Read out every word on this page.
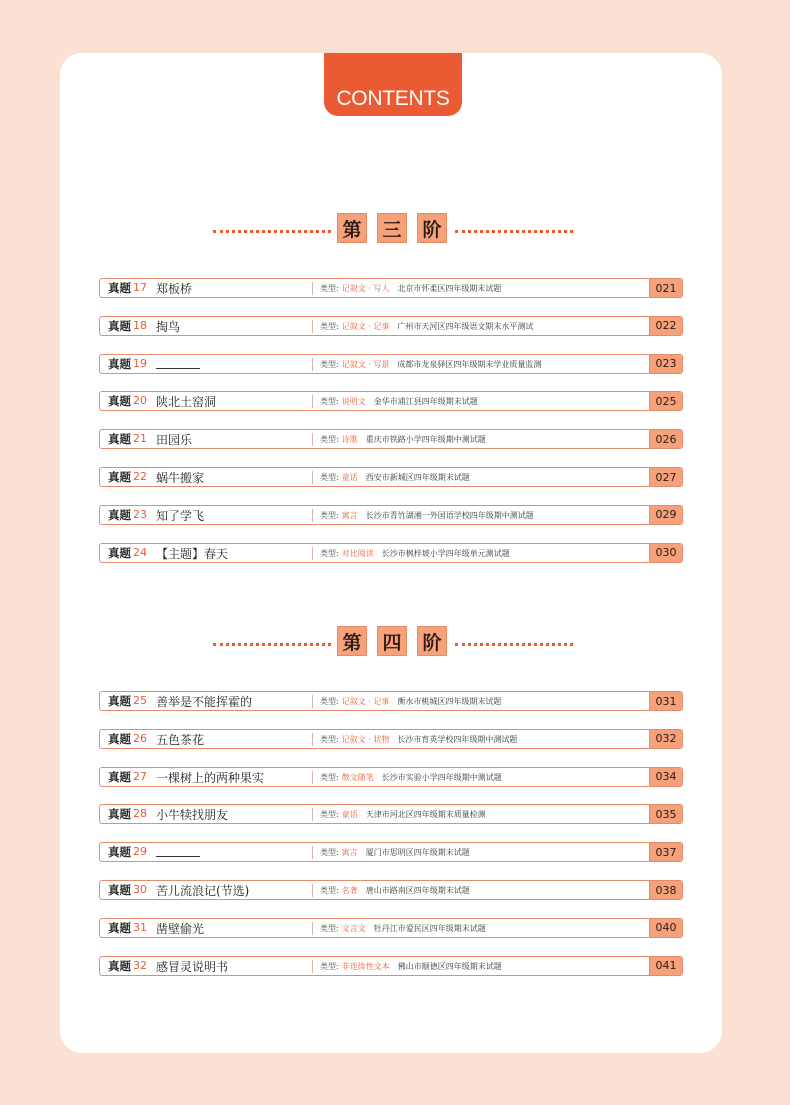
CONTENTS
第 三 阶
真题 17 郑板桥	类型: 记叙文 · 写人 北京市怀柔区四年级期末试题	021
真题 18 掏鸟	类型: 记叙文 · 记事 广州市天河区四年级语文期末水平测试	022
真题 19	类型: 记叙文 · 写景 成都市龙泉驿区四年级期末学业质量监测	023
真题 20 陕北土窑洞	类型: 说明文 金华市浦江县四年级期末试题	025
真题 21 田园乐	类型: 诗歌 重庆市铁路小学四年级期中测试题	026
真题 22 蜗牛搬家	类型: 童话 西安市新城区四年级期末试题	027
真题 23 知了学飞	类型: 寓言 长沙市青竹湖湘一外国语学校四年级期中测试题	029
真题 24 【主题】春天	类型: 对比阅读 长沙市枫梓坡小学四年级单元测试题	030
第 四 阶
真题 25 善举是不能挥霍的	类型: 记叙文 · 记事 衡水市桃城区四年级期末试题	031
真题 26 五色茶花	类型: 记叙文 · 状物 长沙市育英学校四年级期中测试题	032
真题 27 一棵树上的两种果实	类型: 散文随笔 长沙市实验小学四年级期中测试题	034
真题 28 小牛犊找朋友	类型: 童话 天津市河北区四年级期末质量检测	035
真题 29	类型: 寓言 厦门市思明区四年级期末试题	037
真题 30 苦儿流浪记(节选)	类型: 名著 唐山市路南区四年级期末试题	038
真题 31 凿壁偷光	类型: 文言文 牡丹江市爱民区四年级期末试题	040
真题 32 感冒灵说明书	类型: 非连续性文本 佛山市顺德区四年级期末试题	041
